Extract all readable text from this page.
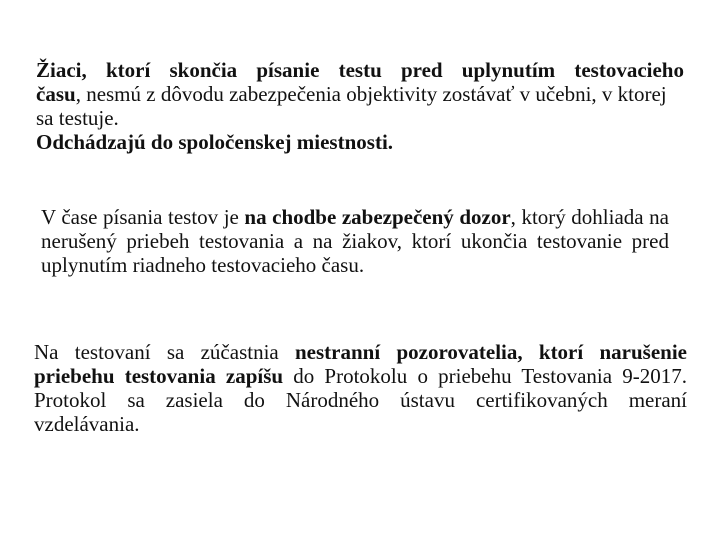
Žiaci, ktorí skončia písanie testu pred uplynutím testovacieho
času, nesmú z dôvodu zabezpečenia objektivity zostávať v učebni, v ktorej sa testuje.
Odchádzajú do spoločenskej miestnosti.

V čase písania testov je na chodbe zabezpečený dozor, ktorý dohliada na nerušený priebeh testovania a na žiakov, ktorí ukončia testovanie pred uplynutím riadneho testovacieho času.

Na testovaní sa zúčastnia nestranní pozorovatelia, ktorí narušenie priebehu testovania zapíšu do Protokolu o priebehu Testovania 9-2017. Protokol sa zasiela do Národného ústavu certifikovaných meraní vzdelávania.
